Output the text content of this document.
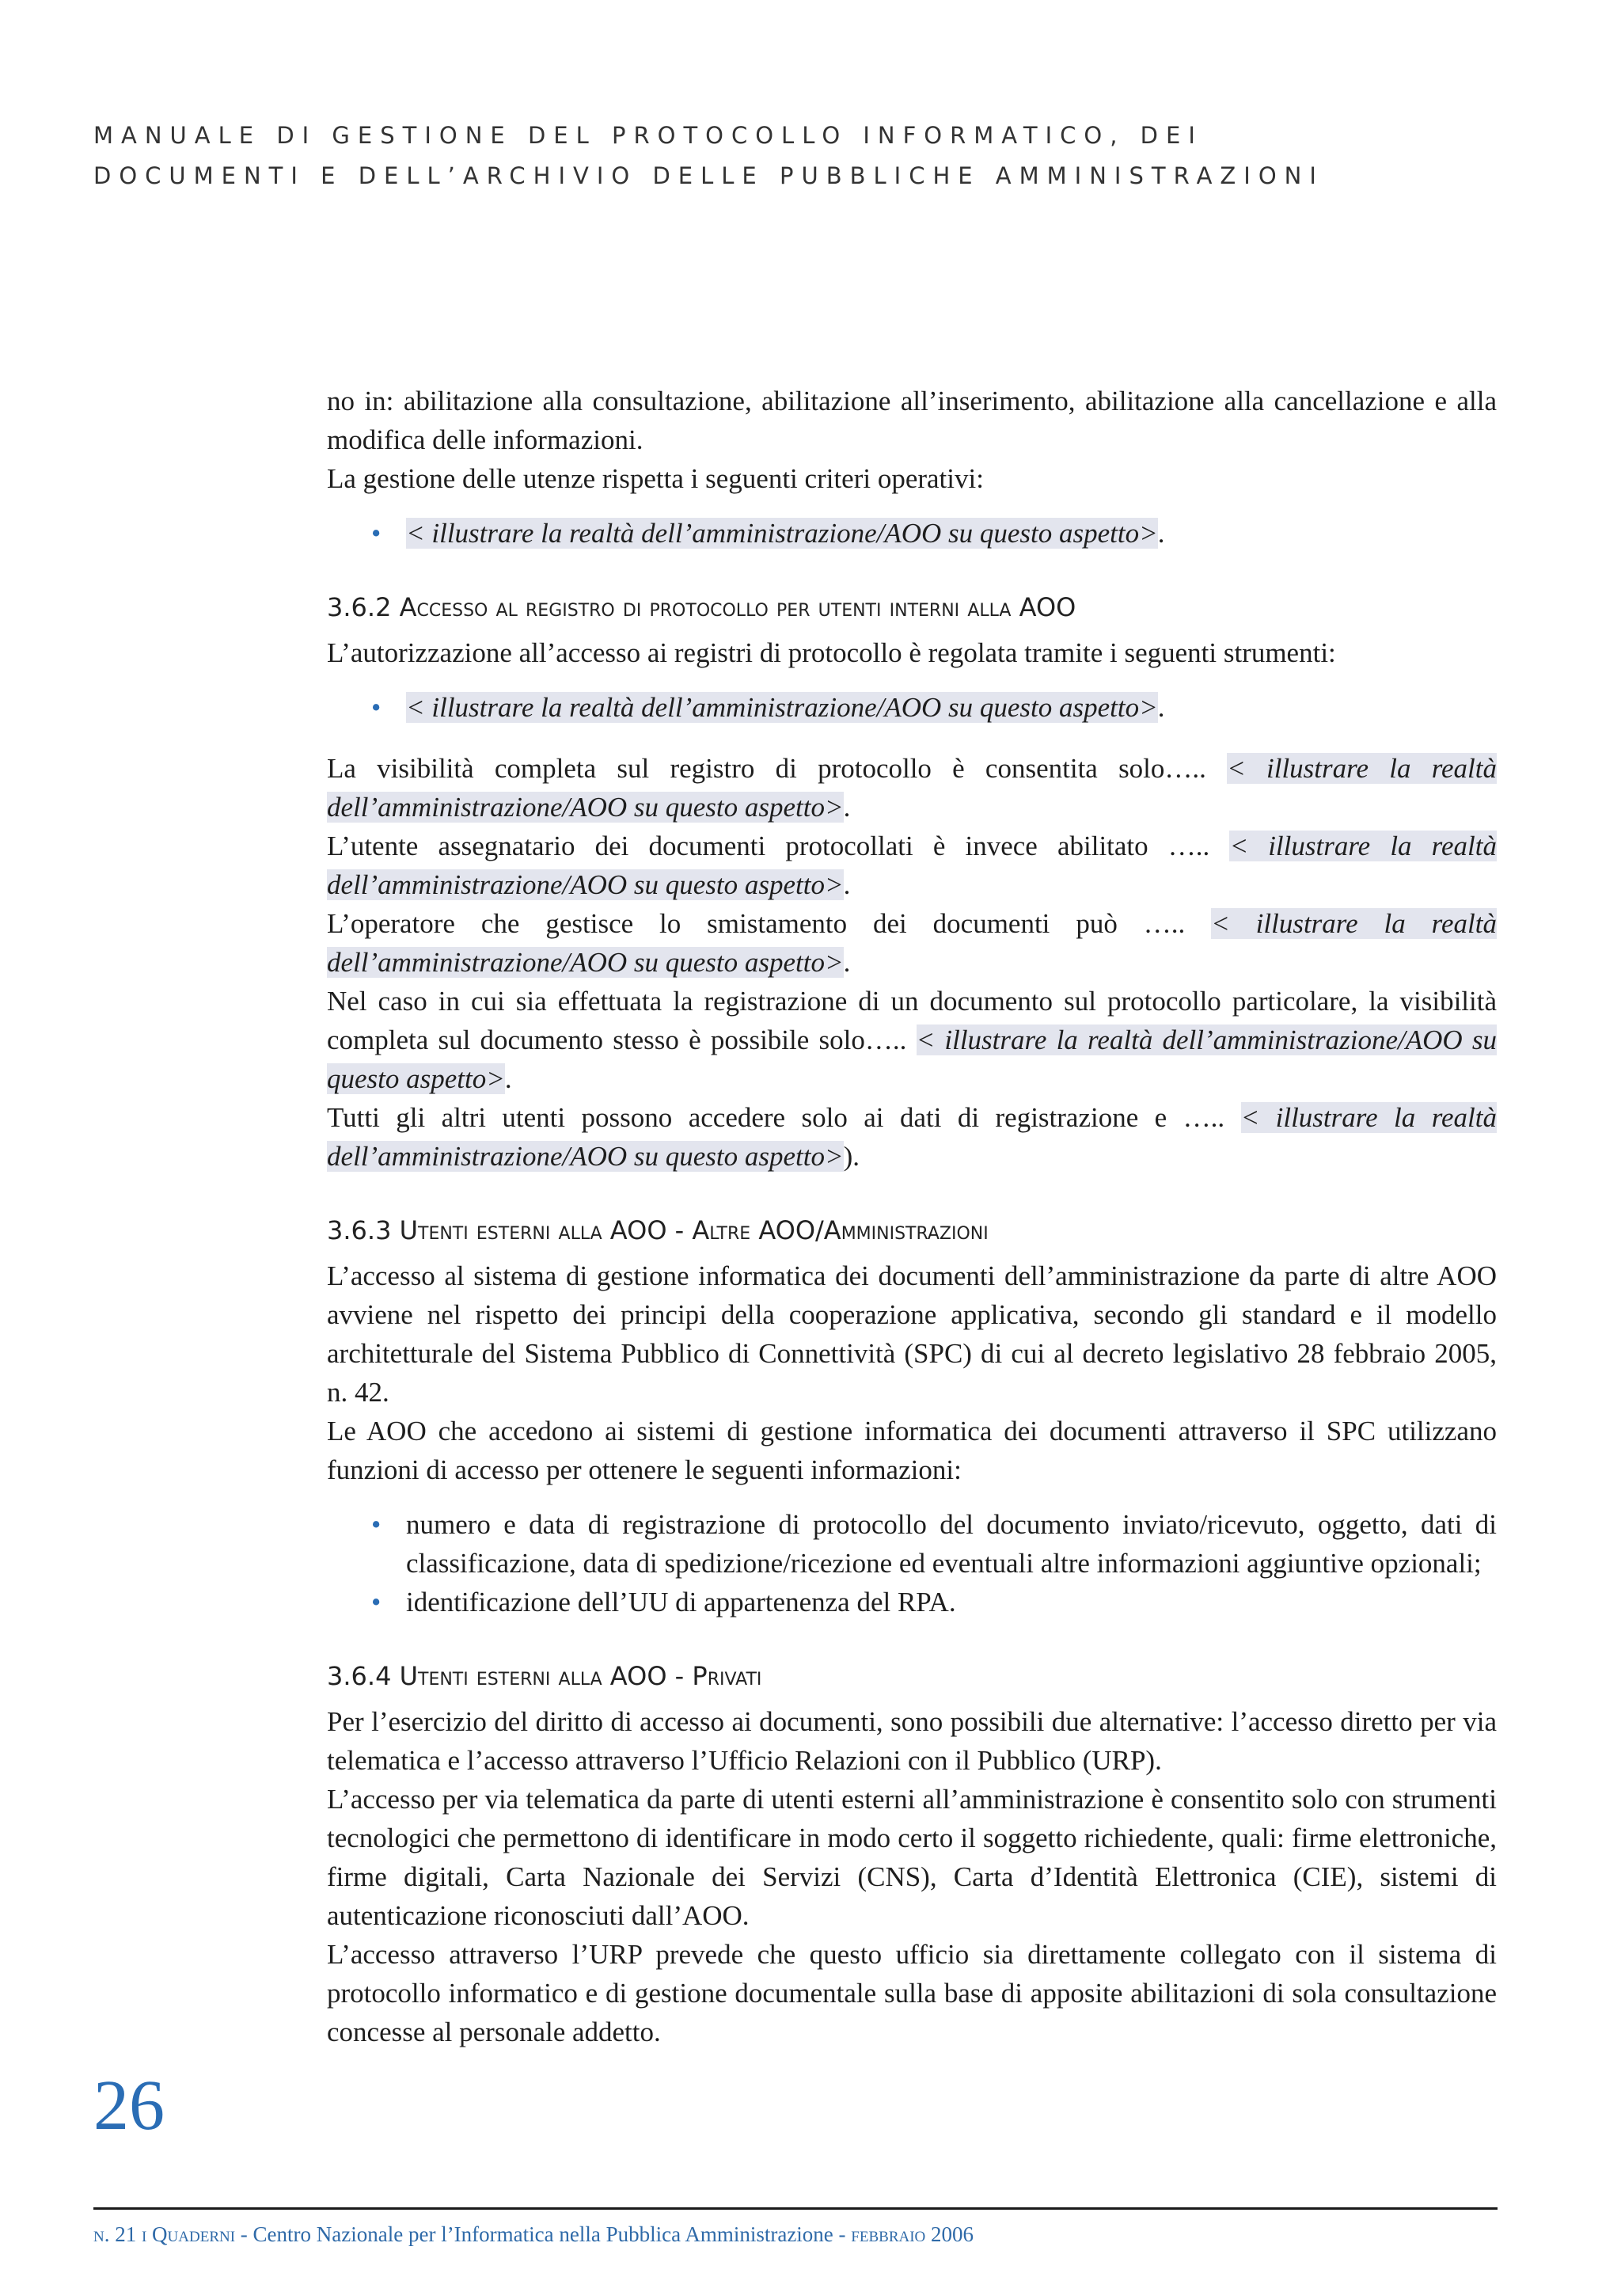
MANUALE DI GESTIONE DEL PROTOCOLLO INFORMATICO, DEI
DOCUMENTI E DELL’ARCHIVIO DELLE PUBBLICHE AMMINISTRAZIONI

no in: abilitazione alla consultazione, abilitazione all’inserimento, abilitazione alla cancellazione e alla modifica delle informazioni.

La gestione delle utenze rispetta i seguenti criteri operativi:

• < illustrare la realtà dell’amministrazione/AOO su questo aspetto>.

3.6.2 Accesso al registro di protocollo per utenti interni alla AOO

L’autorizzazione all’accesso ai registri di protocollo è regolata tramite i seguenti strumenti:

• < illustrare la realtà dell’amministrazione/AOO su questo aspetto>.

La visibilità completa sul registro di protocollo è consentita solo….. < illustrare la realtà dell’amministrazione/AOO su questo aspetto>.

L’utente assegnatario dei documenti protocollati è invece abilitato ….. < illustrare la realtà dell’amministrazione/AOO su questo aspetto>.

L’operatore che gestisce lo smistamento dei documenti può ….. < illustrare la realtà dell’amministrazione/AOO su questo aspetto>.

Nel caso in cui sia effettuata la registrazione di un documento sul protocollo particolare, la visibilità completa sul documento stesso è possibile solo….. < illustrare la realtà dell’amministrazione/AOO su questo aspetto>.

Tutti gli altri utenti possono accedere solo ai dati di registrazione e ….. < illustrare la realtà dell’amministrazione/AOO su questo aspetto>).

3.6.3 Utenti esterni alla AOO - Altre AOO/Amministrazioni

L’accesso al sistema di gestione informatica dei documenti dell’amministrazione da parte di altre AOO avviene nel rispetto dei principi della cooperazione applicativa, secondo gli standard e il modello architetturale del Sistema Pubblico di Connettività (SPC) di cui al decreto legislativo 28 febbraio 2005, n. 42.

Le AOO che accedono ai sistemi di gestione informatica dei documenti attraverso il SPC utilizzano funzioni di accesso per ottenere le seguenti informazioni:

• numero e data di registrazione di protocollo del documento inviato/ricevuto, oggetto, dati di classificazione, data di spedizione/ricezione ed eventuali altre informazioni aggiuntive opzionali;
• identificazione dell’UU di appartenenza del RPA.

3.6.4 Utenti esterni alla AOO - Privati

Per l’esercizio del diritto di accesso ai documenti, sono possibili due alternative: l’accesso diretto per via telematica e l’accesso attraverso l’Ufficio Relazioni con il Pubblico (URP).

L’accesso per via telematica da parte di utenti esterni all’amministrazione è consentito solo con strumenti tecnologici che permettono di identificare in modo certo il soggetto richiedente, quali: firme elettroniche, firme digitali, Carta Nazionale dei Servizi (CNS), Carta d’Identità Elettronica (CIE), sistemi di autenticazione riconosciuti dall’AOO.

L’accesso attraverso l’URP prevede che questo ufficio sia direttamente collegato con il sistema di protocollo informatico e di gestione documentale sulla base di apposite abilitazioni di sola consultazione concesse al personale addetto.

26
n. 21 i Quaderni - Centro Nazionale per l’Informatica nella Pubblica Amministrazione - febbraio 2006
